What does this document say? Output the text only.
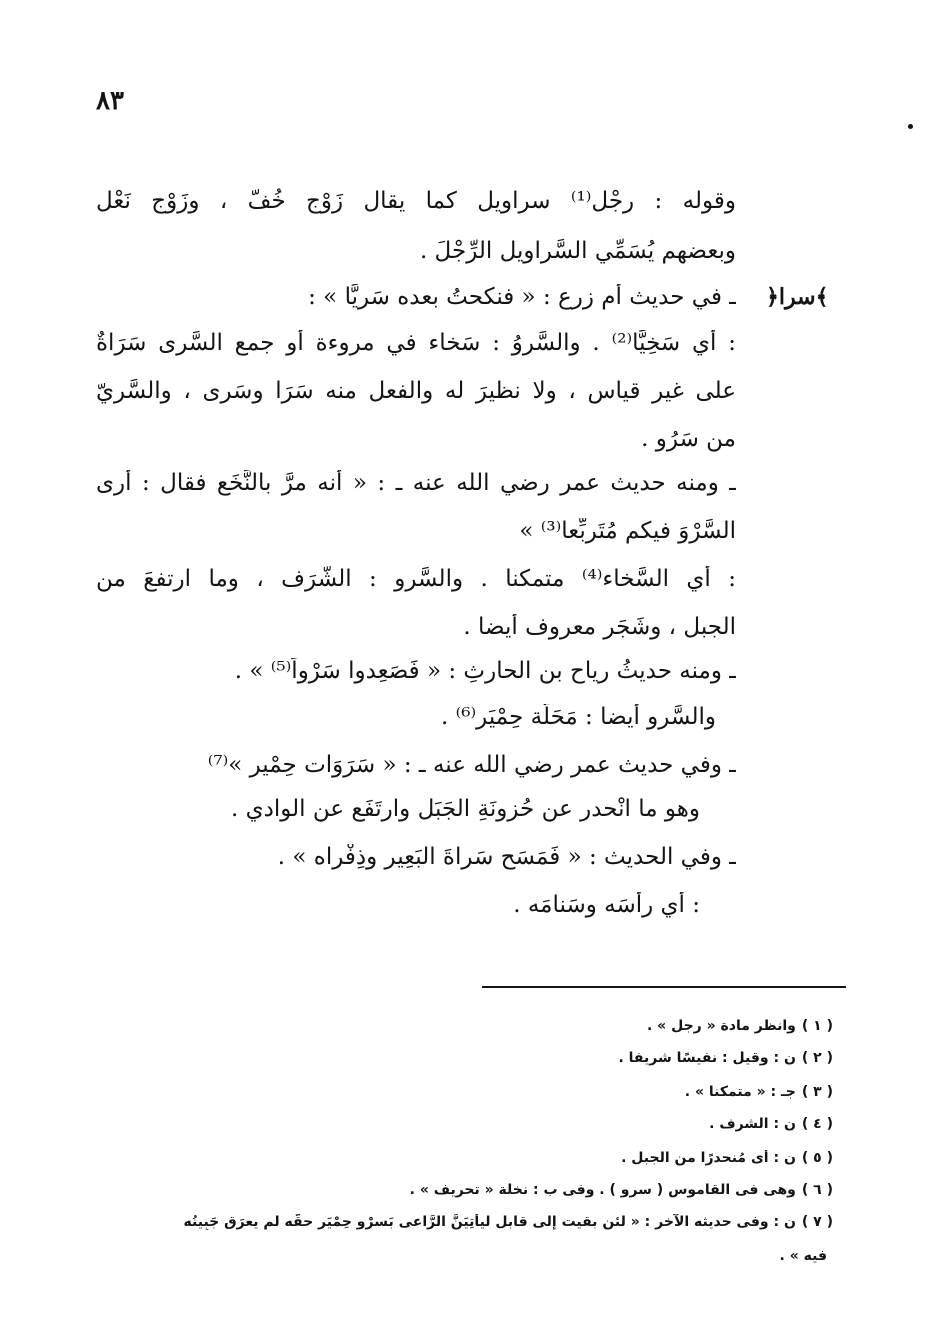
٨٣
﴿سرا﴾
وقوله : رِجْل⁽¹⁾ سراويل كما يقال زَوْج خُفّ ، وزَوْج نَعْل
وبعضهم يُسَمِّي السَّراويل الرِّجْلَ .
ـ في حديث أم زرع : « فنكحتُ بعده سَرِيًّا » :
: أي سَخِيًّا⁽²⁾ . والسَّروُ : سَخاء في مروءة أو جمع السَّرى سَرَاةٌ
على غير قياس ، ولا نظيرَ له والفعل منه سَرَا وسَرِى ، والسَّرِيّ
من سَرُو .
ـ ومنه حديث عمر رضي الله عنه ـ : « أنه مرَّ بالنَّخَع فقال : أرى
السَّرْوَ فيكم مُتَربِّعا⁽³⁾ »
: أي السَّخاء⁽⁴⁾ متمكنا . والسَّرو : الشَّرَف ، وما ارتفعَ من
الجبل ، وشَجَر معروف أيضا .
ـ ومنه حديثُ رِياح بنِ الحارثِ : « فَصَعِدوا سَرْواً⁽⁵⁾ » .
والسَّرو أيضا : مَحَلَّة حِمْيَر⁽⁶⁾ .
ـ وفي حديث عمر رضي الله عنه ـ : « سَرَوَات حِمْير »⁽⁷⁾
وهو ما انْحدر عن حُزونَةِ الجَبَل وارتَفَع عن الوادي .
ـ وفي الحديث : « فَمَسَح سَراةَ البَعِير وذِفْراه » .
: أي رأسَه وسَنامَه .
( ١ )وانظر مادة « رجل » .
( ٢ )ن : وقيل : نفيسًا شريفا .
( ٣ )جـ : « متمكنا » .
( ٤ )ن : الشرف .
( ٥ )ن : أى مُنحدرًا من الجبل .
( ٦ )وهى فى القاموس ( سرو ) . وفى ب : نخلة « تحريف » .
( ٧ )ن : وفى حديثه الآخر : « لئن بقيت إلى قابل ليأْتِيَنَّ الرَّاعى بَسرْوِ حِمْيَر حقُّه لم يعرَق جَبِينُه
فيه » .
